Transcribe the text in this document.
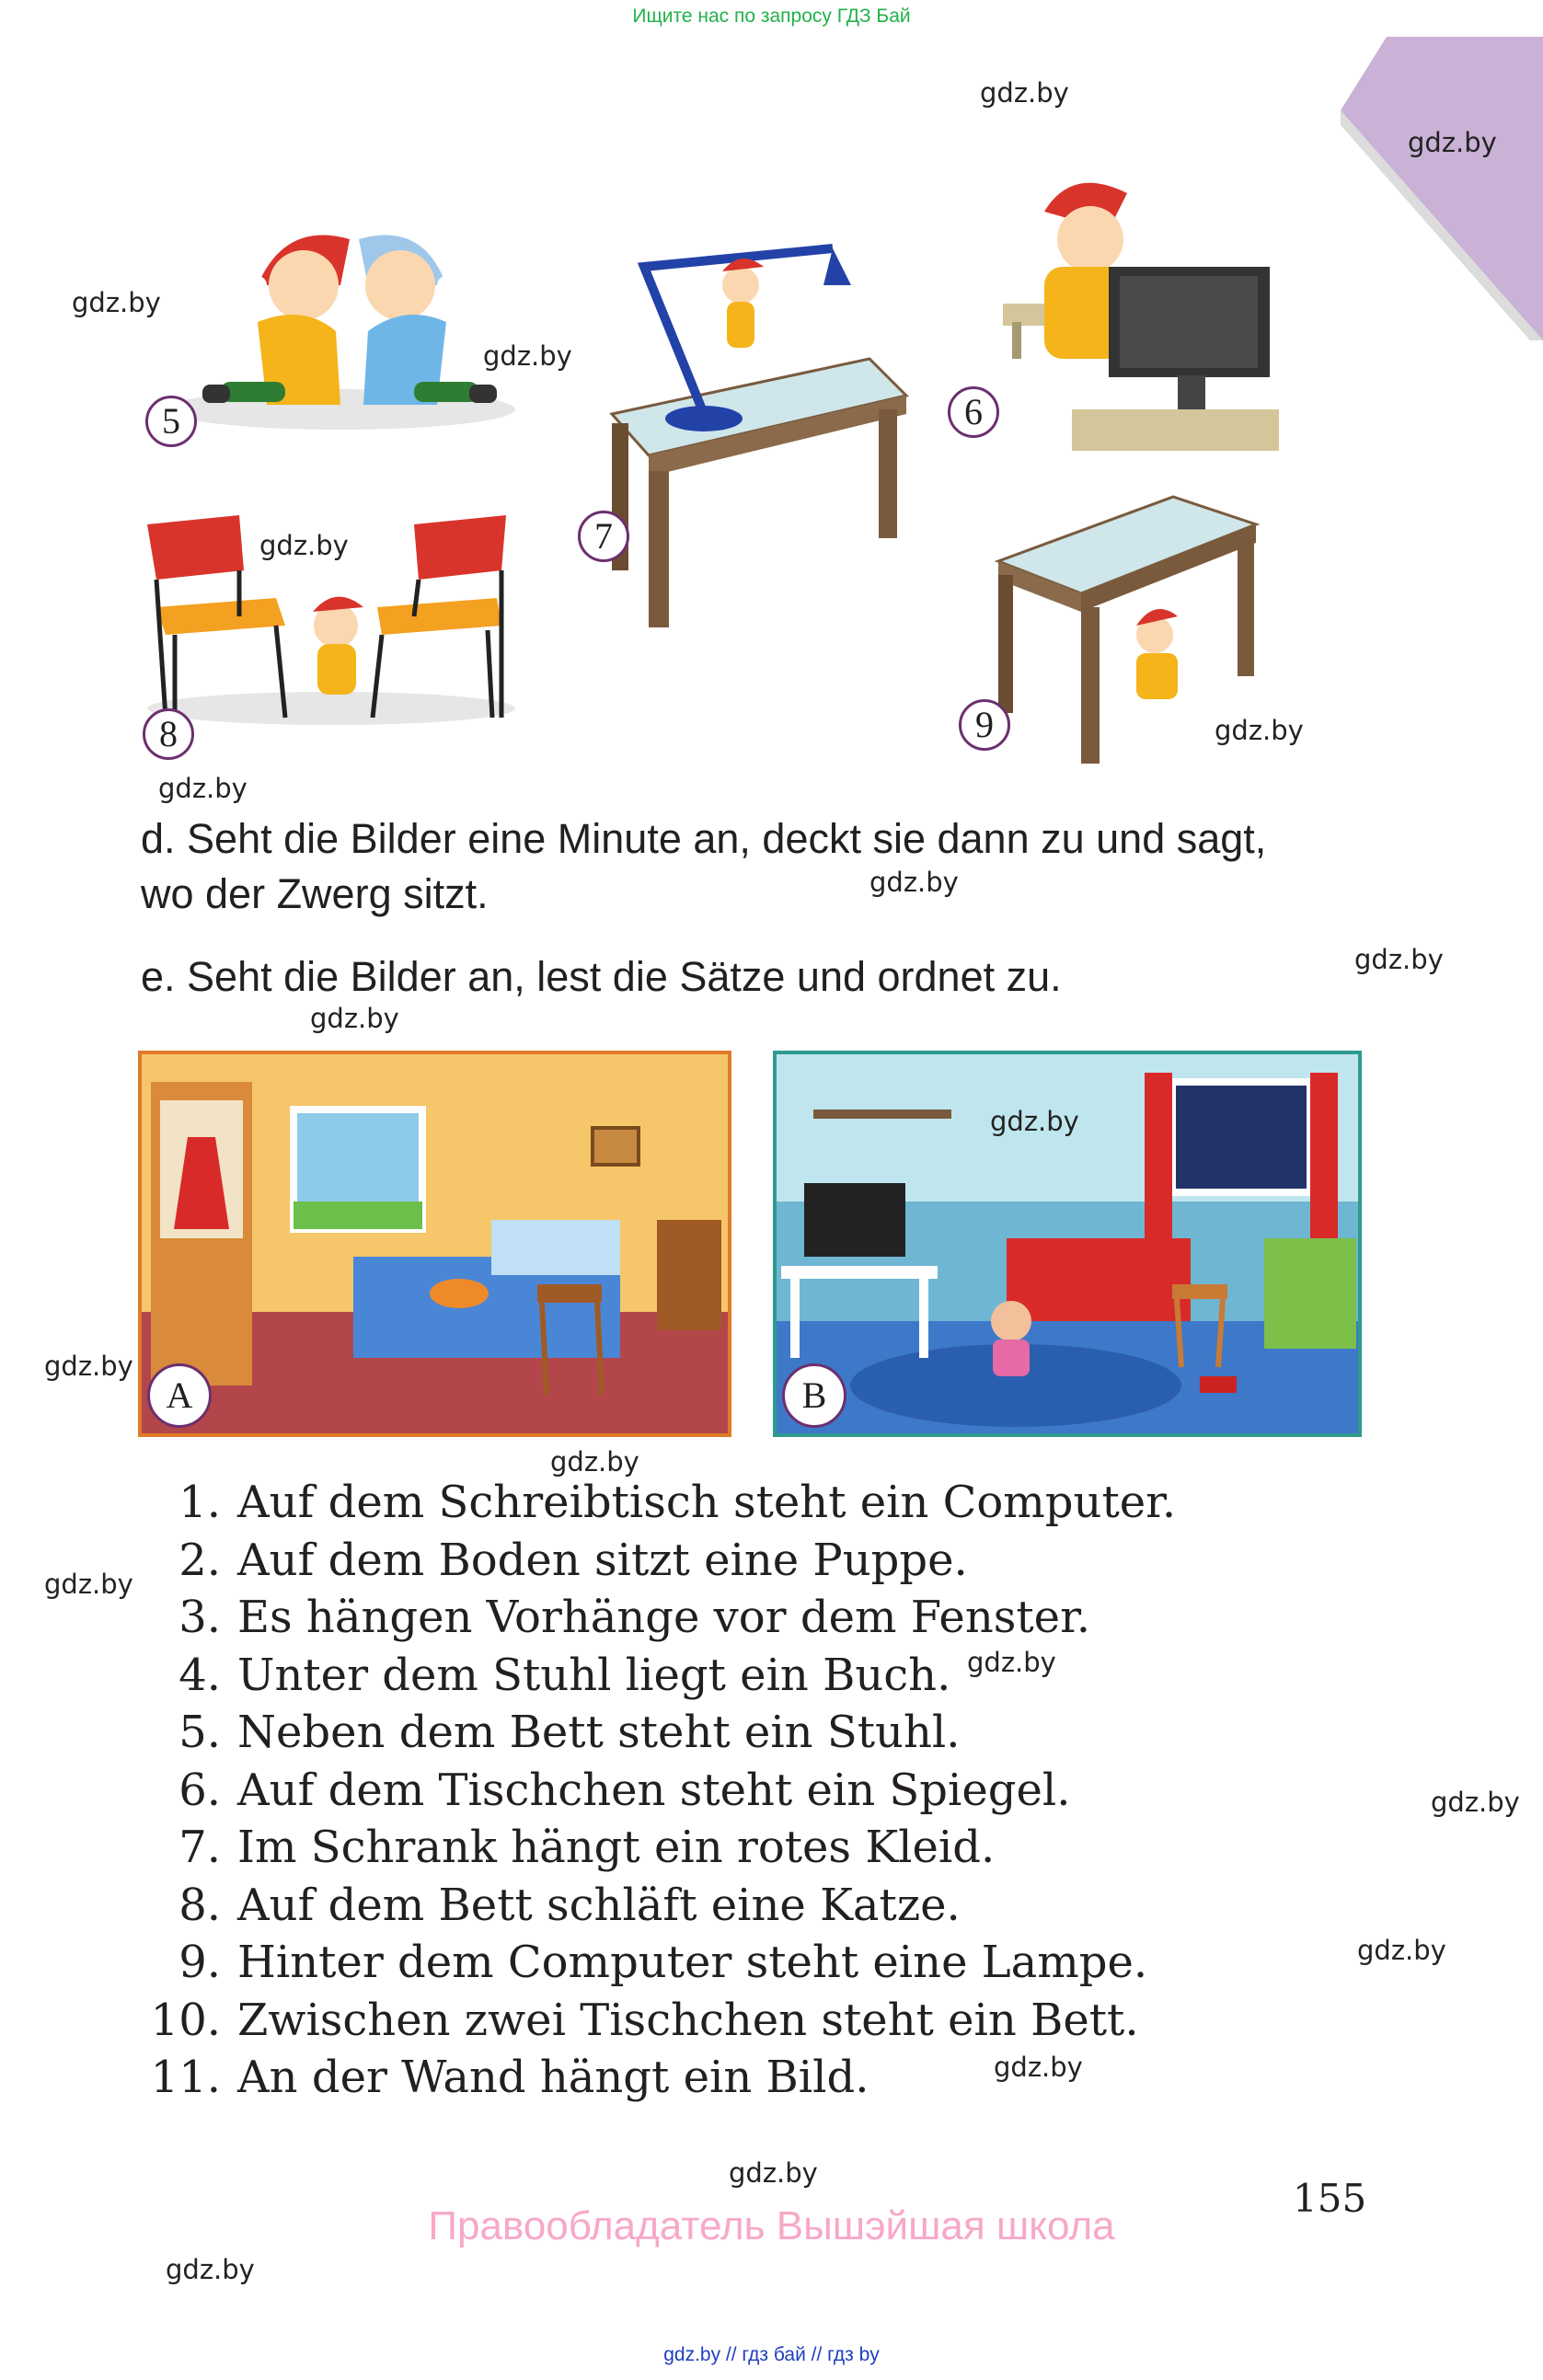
Ищите нас по запросу ГДЗ Бай
5
7
6
8	9
d. Seht die Bilder eine Minute an, deckt sie dann zu und sagt,
wo der Zwerg sitzt.
e. Seht die Bilder an, lest die Sätze und ordnet zu.
A	B
1. Auf dem Schreibtisch steht ein Computer.
2. Auf dem Boden sitzt eine Puppe.
3. Es hängen Vorhänge vor dem Fenster.
4. Unter dem Stuhl liegt ein Buch.
5. Neben dem Bett steht ein Stuhl.
6. Auf dem Tischchen steht ein Spiegel.
7. Im Schrank hängt ein rotes Kleid.
8. Auf dem Bett schläft eine Katze.
9. Hinter dem Computer steht eine Lampe.
10. Zwischen zwei Tischchen steht ein Bett.
11. An der Wand hängt ein Bild.
gdz.by
gdz.by
gdz.by
gdz.by
gdz.by
gdz.by
gdz.by
gdz.by
gdz.by
gdz.by
gdz.by
gdz.by
gdz.by
gdz.by
gdz.by
gdz.by
gdz.by
gdz.by
gdz.by
gdz.by
155
Правообладатель Вышэйшая школа
gdz.by // гдз бай // гдз by
